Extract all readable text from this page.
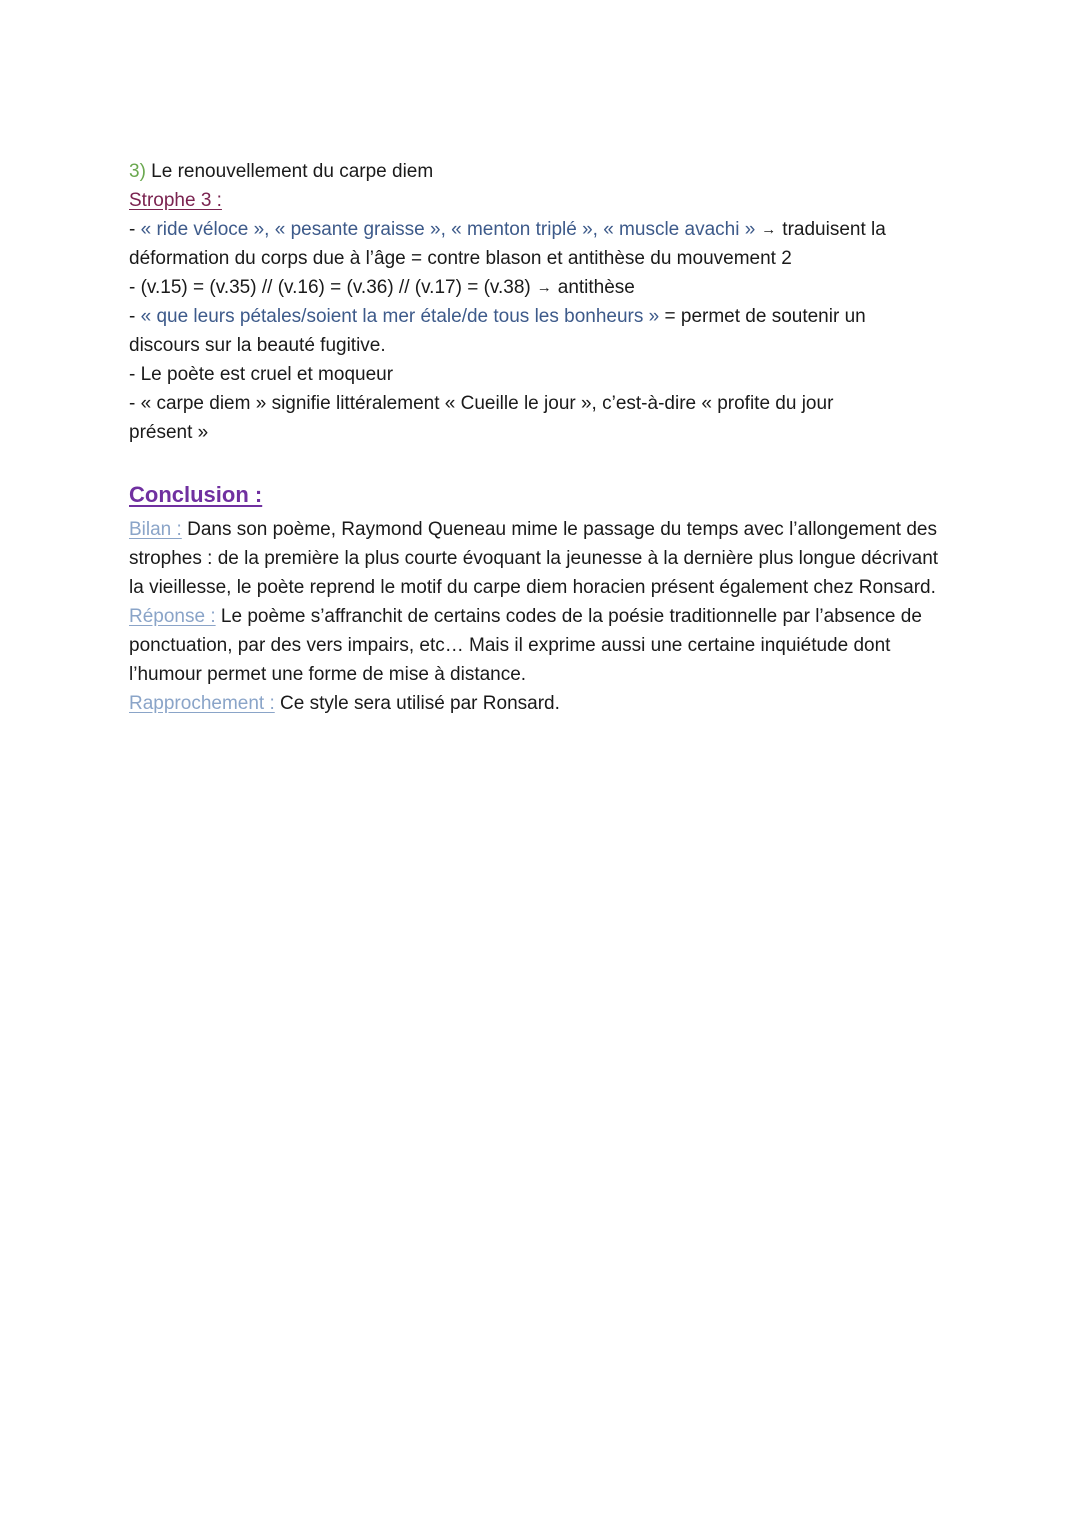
3) Le renouvellement du carpe diem

Strophe 3 :

- « ride véloce », « pesante graisse », « menton triplé », « muscle avachi » → traduisent la

déformation du corps due à l’âge = contre blason et antithèse du mouvement 2

- (v.15) = (v.35) // (v.16) = (v.36) // (v.17) = (v.38) → antithèse

- « que leurs pétales/soient la mer étale/de tous les bonheurs » = permet de soutenir un

discours sur la beauté fugitive.

- Le poète est cruel et moqueur

- « carpe diem » signifie littéralement « Cueille le jour », c’est-à-dire « profite du jour

présent »

Conclusion :

Bilan : Dans son poème, Raymond Queneau mime le passage du temps avec l’allongement des strophes : de la première la plus courte évoquant la jeunesse à la dernière plus longue décrivant la vieillesse, le poète reprend le motif du carpe diem horacien présent également chez Ronsard.

Réponse : Le poème s’affranchit de certains codes de la poésie traditionnelle par l’absence de ponctuation, par des vers impairs, etc… Mais il exprime aussi une certaine inquiétude dont l’humour permet une forme de mise à distance.

Rapprochement : Ce style sera utilisé par Ronsard.
